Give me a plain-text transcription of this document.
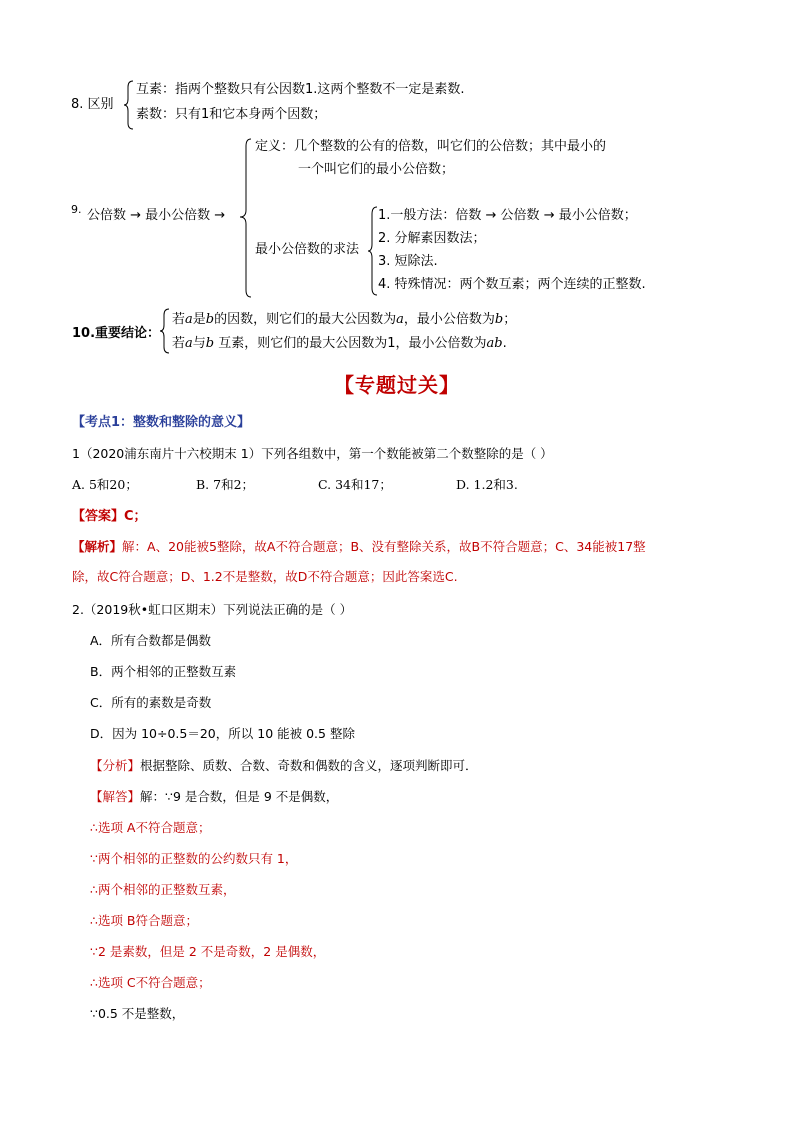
8. 区别
互素：指两个整数只有公因数1.这两个整数不一定是素数.
素数：只有1和它本身两个因数；
9. 公倍数 → 最小公倍数 →
定义：几个整数的公有的倍数，叫它们的公倍数；其中最小的
一个叫它们的最小公倍数；
最小公倍数的求法
1.一般方法：倍数 → 公倍数 → 最小公倍数；
2. 分解素因数法；
3. 短除法.
4. 特殊情况：两个数互素；两个连续的正整数.
10.重要结论：
若a是b的因数，则它们的最大公因数为a，最小公倍数为b；
若a与b 互素，则它们的最大公因数为1，最小公倍数为ab.
【专题过关】
【考点1：整数和整除的意义】
1（2020浦东南片十六校期末 1）下列各组数中，第一个数能被第二个数整除的是（ ）
A. 5和20；	B. 7和2；	C. 34和17；	D. 1.2和3.
【答案】C；
【解析】解：A、20能被5整除，故A不符合题意；B、没有整除关系，故B不符合题意；C、34能被17整
除，故C符合题意；D、1.2不是整数，故D不符合题意；因此答案选C.
2.（2019秋•虹口区期末）下列说法正确的是（ ）
A．所有合数都是偶数
B．两个相邻的正整数互素
C．所有的素数是奇数
D．因为 10÷0.5＝20，所以 10 能被 0.5 整除
【分析】根据整除、质数、合数、奇数和偶数的含义，逐项判断即可．
【解答】解：∵9 是合数，但是 9 不是偶数，
∴选项 A不符合题意；
∵两个相邻的正整数的公约数只有 1，
∴两个相邻的正整数互素，
∴选项 B符合题意；
∵2 是素数，但是 2 不是奇数，2 是偶数，
∴选项 C不符合题意；
∵0.5 不是整数，
